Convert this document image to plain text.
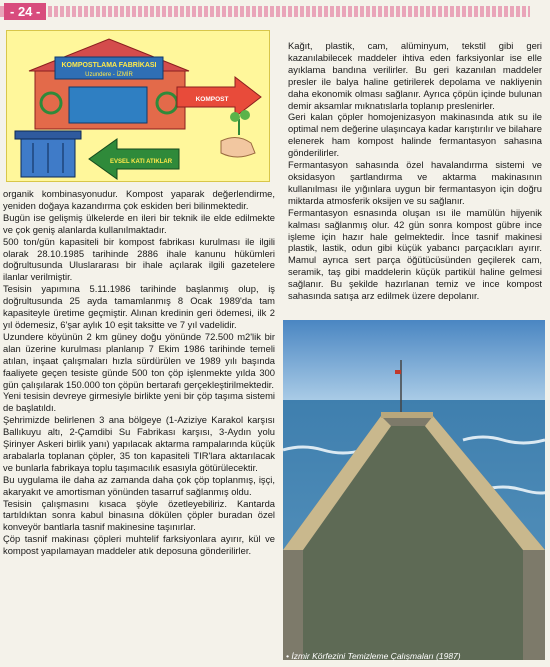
- 24 -
KOMPOSTLAMA FABRİKASI
Uzundere - İZMİR
KOMPOST
EVSEL KATI ATIKLAR

organik kombinasyonudur. Kompost yaparak değerlendirme, yeniden doğaya kazandırma çok eskiden beri bilinmektedir.

Bugün ise gelişmiş ülkelerde en ileri bir teknik ile elde edilmekte ve çok geniş alanlarda kullanılmaktadır.

500 ton/gün kapasiteli bir kompost fabrikası kurulması ile ilgili olarak 28.10.1985 tarihinde 2886 ihale kanunu hükümleri doğrultusunda Uluslararası bir ihale açılarak ilgili gazetelere ilanlar verilmiştir.

Tesisin yapımına 5.11.1986 tarihinde başlanmış olup, iş doğrultusunda 25 ayda tamamlanmış 8 Ocak 1989'da tam kapasiteyle üretime geçmiştir. Alınan kredinin geri ödemesi, ilk 2 yıl ödemesiz, 6'şar aylık 10 eşit taksitte ve 7 yıl vadelidir.

Uzundere köyünün 2 km güney doğu yönünde 72.500 m2'lik bir alan üzerine kurulması planlanıp 7 Ekim 1986 tarihinde temeli atılan, inşaat çalışmaları hızla sürdürülen ve 1989 yılı başında faaliyete geçen tesiste günde 500 ton çöp işlenmekte yılda 300 gün çalışılarak 150.000 ton çöpün bertarafı gerçekleştirilmektedir.

Yeni tesisin devreye girmesiyle birlikte yeni bir çöp taşıma sistemi de başlatıldı.

Şehrimizde belirlenen 3 ana bölgeye (1-Aziziye Karakol karşısı Ballıkuyu altı, 2-Çamdibi Su Fabrikası karşısı, 3-Aydın yolu Şirinyer Askeri birlik yanı) yapılacak aktarma rampalarında küçük arabalarla toplanan çöpler, 35 ton kapasiteli TIR'lara aktarılacak ve bunlarla fabrikaya toplu taşımacılık esasıyla götürülecektir.

Bu uygulama ile daha az zamanda daha çok çöp toplanmış, işçi, akaryakıt ve amortisman yönünden tasarruf sağlanmış oldu.

Tesisin çalışmasını kısaca şöyle özetleyebiliriz. Kantarda tartıldıktan sonra kabul binasına dökülen çöpler buradan özel konveyör bantlarla tasnif makinesine taşınırlar.

Çöp tasnif makinası çöpleri muhtelif farksiyonlara ayırır, kül ve kompost yapılamayan maddeler atık deposuna gönderilirler.

Kağıt, plastik, cam, alüminyum, tekstil gibi geri kazanılabilecek maddeler ihtiva eden farksiyonlar ise elle ayıklama bandına verilirler. Bu geri kazanılan maddeler presler ile balya haline getirilerek depolama ve nakliyenin daha ekonomik olması sağlanır. Ayrıca çöpün içinde bulunan demir aksamlar mıknatıslarla toplanıp preslenirler.

Geri kalan çöpler homojenizasyon makinasında atık su ile optimal nem değerine ulaşıncaya kadar karıştırılır ve bilahare elenerek ham kompost halinde fermantasyon sahasına gönderilirler.

Fermantasyon sahasında özel havalandırma sistemi ve oksidasyon şartlandırma ve aktarma makinasının kullanılması ile yığınlara uygun bir fermantasyon için doğru miktarda atmosferik oksijen ve su sağlanır.

Fermantasyon esnasında oluşan ısı ile mamülün hijyenik kalması sağlanmış olur. 42 gün sonra kompost gübre ince işleme için hazır hale gelmektedir. İnce tasnif makinesi plastik, lastik, odun gibi küçük yabancı parçacıkları ayırır. Mamul ayrıca sert parça öğütücüsünden geçilerek cam, seramik, taş gibi maddelerin küçük partikül haline gelmesi sağlanır. Bu şekilde hazırlanan temiz ve ince kompost sahasında satışa arz edilmek üzere depolanır.

• İzmir Körfezini Temizleme Çalışmaları (1987)
